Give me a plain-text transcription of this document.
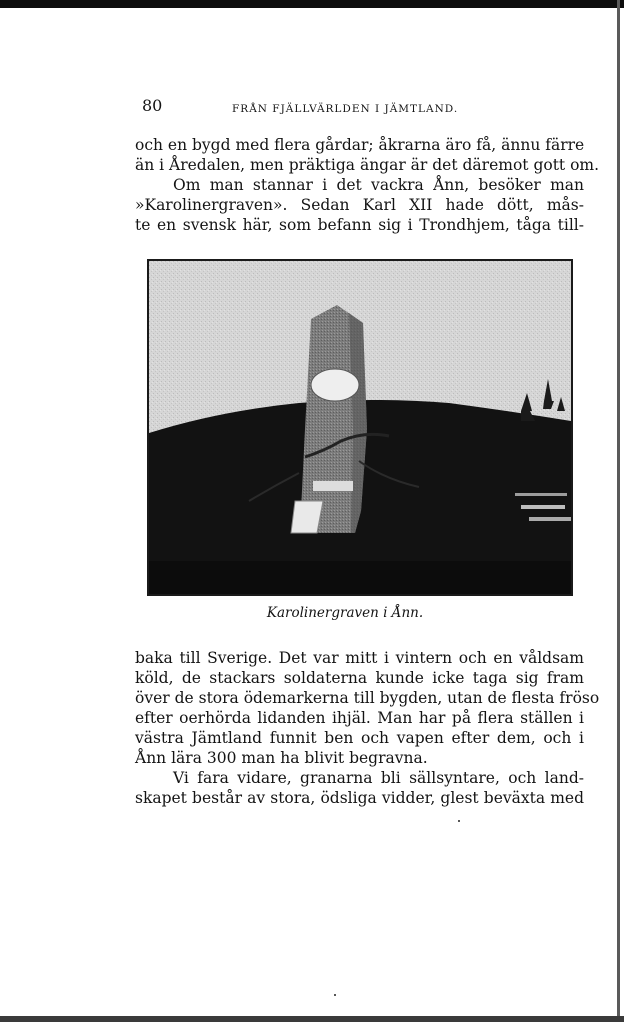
80	FRÅN FJÄLLVÄRLDEN I JÄMTLAND.
och en bygd med flera gårdar; åkrarna äro få, ännu färre
än i Åredalen, men präktiga ängar är det däremot gott om.
Om man stannar i det vackra Ånn, besöker man
»Karolinergraven». Sedan Karl XII hade dött, mås-
te en svensk här, som befann sig i Trondhjem, tåga till-
Karolinergraven i Ånn.
baka till Sverige. Det var mitt i vintern och en våldsam
köld, de stackars soldaterna kunde icke taga sig fram
över de stora ödemarkerna till bygden, utan de flesta fröso
efter oerhörda lidanden ihjäl. Man har på flera ställen i
västra Jämtland funnit ben och vapen efter dem, och i
Ånn lära 300 man ha blivit begravna.
Vi fara vidare, granarna bli sällsyntare, och land-
skapet består av stora, ödsliga vidder, glest beväxta med
